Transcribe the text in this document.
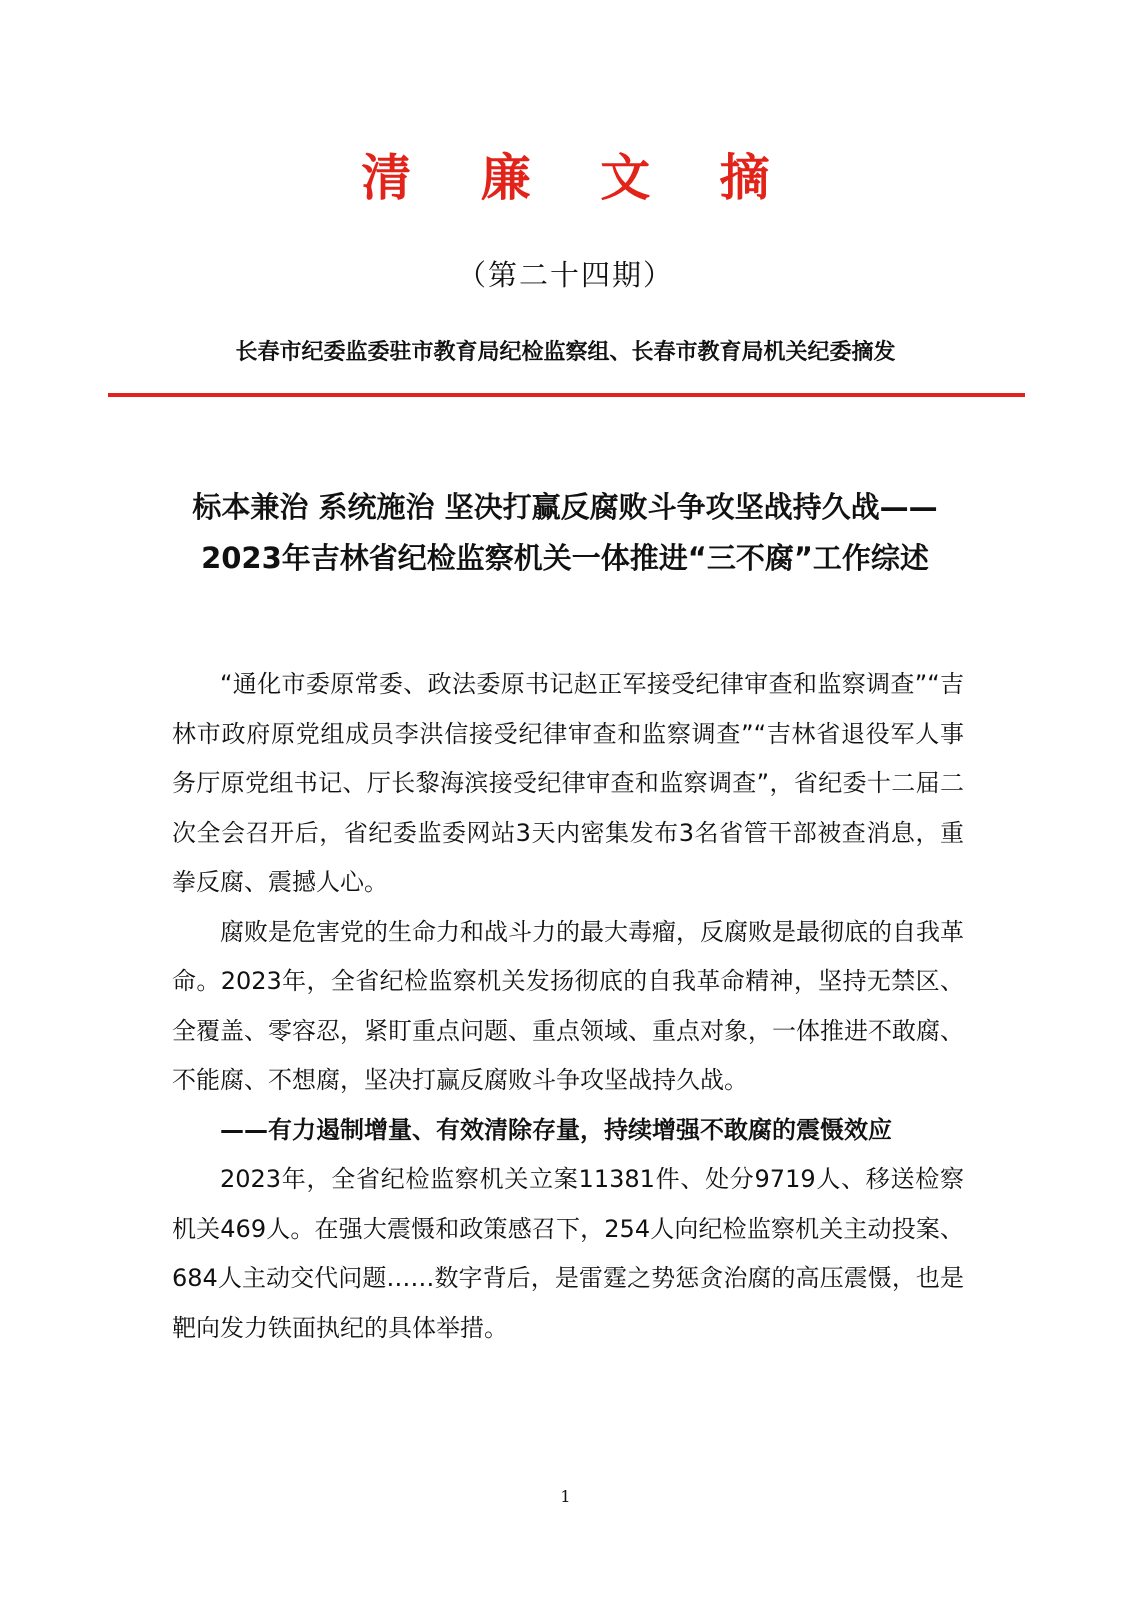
清 廉 文 摘
（第二十四期）
长春市纪委监委驻市教育局纪检监察组、长春市教育局机关纪委摘发
标本兼治 系统施治 坚决打赢反腐败斗争攻坚战持久战——2023年吉林省纪检监察机关一体推进“三不腐”工作综述

“通化市委原常委、政法委原书记赵正军接受纪律审查和监察调查”“吉林市政府原党组成员李洪信接受纪律审查和监察调查”“吉林省退役军人事务厅原党组书记、厅长黎海滨接受纪律审查和监察调查”，省纪委十二届二次全会召开后，省纪委监委网站3天内密集发布3名省管干部被查消息，重拳反腐、震撼人心。

腐败是危害党的生命力和战斗力的最大毒瘤，反腐败是最彻底的自我革命。2023年，全省纪检监察机关发扬彻底的自我革命精神，坚持无禁区、全覆盖、零容忍，紧盯重点问题、重点领域、重点对象，一体推进不敢腐、不能腐、不想腐，坚决打赢反腐败斗争攻坚战持久战。

——有力遏制增量、有效清除存量，持续增强不敢腐的震慑效应

2023年，全省纪检监察机关立案11381件、处分9719人、移送检察机关469人。在强大震慑和政策感召下，254人向纪检监察机关主动投案、684人主动交代问题……数字背后，是雷霆之势惩贪治腐的高压震慑，也是靶向发力铁面执纪的具体举措。

1
